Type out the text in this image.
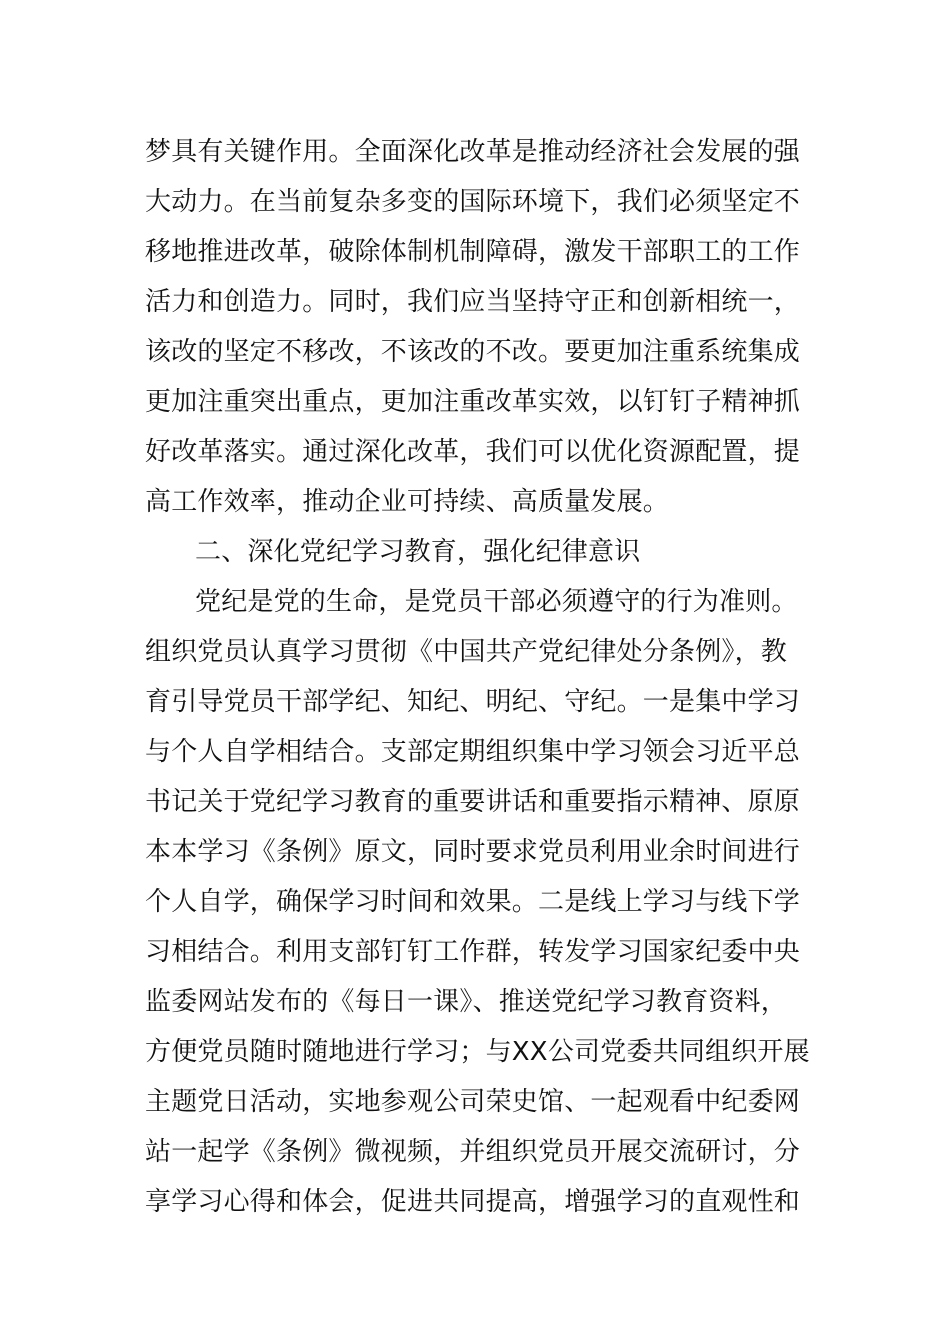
梦具有关键作用。全面深化改革是推动经济社会发展的强
大动力。在当前复杂多变的国际环境下，我们必须坚定不
移地推进改革，破除体制机制障碍，激发干部职工的工作
活力和创造力。同时，我们应当坚持守正和创新相统一，
该改的坚定不移改，不该改的不改。要更加注重系统集成
更加注重突出重点，更加注重改革实效，以钉钉子精神抓
好改革落实。通过深化改革，我们可以优化资源配置，提
高工作效率，推动企业可持续、高质量发展。
二、深化党纪学习教育，强化纪律意识
党纪是党的生命，是党员干部必须遵守的行为准则。
组织党员认真学习贯彻《中国共产党纪律处分条例》，教
育引导党员干部学纪、知纪、明纪、守纪。一是集中学习
与个人自学相结合。支部定期组织集中学习领会习近平总
书记关于党纪学习教育的重要讲话和重要指示精神、原原
本本学习《条例》原文，同时要求党员利用业余时间进行
个人自学，确保学习时间和效果。二是线上学习与线下学
习相结合。利用支部钉钉工作群，转发学习国家纪委中央
监委网站发布的《每日一课》、推送党纪学习教育资料，
方便党员随时随地进行学习；与XX公司党委共同组织开展
主题党日活动，实地参观公司荣史馆、一起观看中纪委网
站一起学《条例》微视频，并组织党员开展交流研讨，分
享学习心得和体会，促进共同提高，增强学习的直观性和
